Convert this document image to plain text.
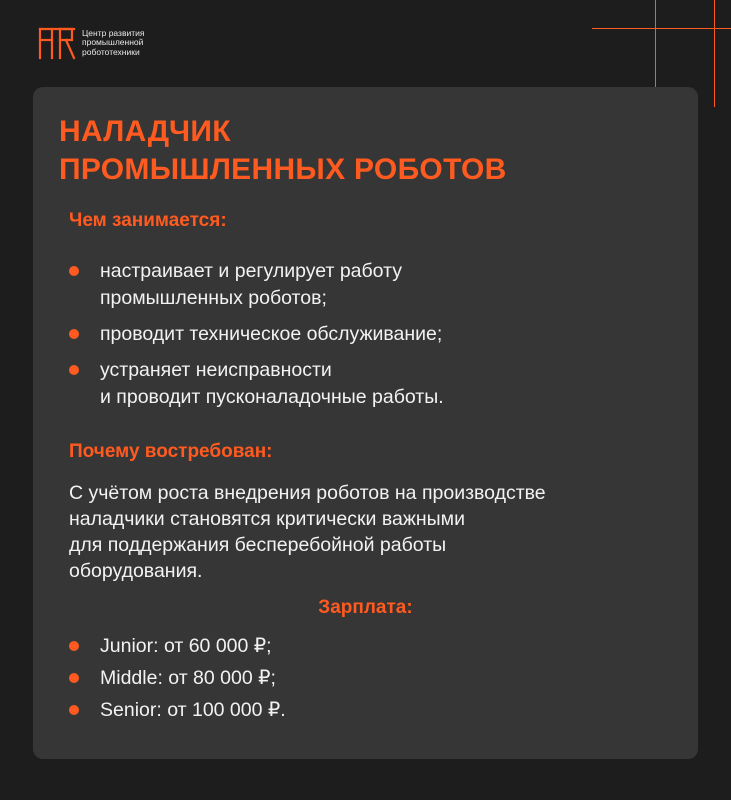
Центр развития
промышленной
робототехники
НАЛАДЧИК
ПРОМЫШЛЕННЫХ РОБОТОВ
Чем занимается:
настраивает и регулирует работу
промышленных роботов;
проводит техническое обслуживание;
устраняет неисправности
и проводит пусконаладочные работы.
Почему востребован:

С учётом роста внедрения роботов на производстве
наладчики становятся критически важными
для поддержания бесперебойной работы
оборудования.

Зарплата:
Junior: от 60 000 ₽;
Middle: от 80 000 ₽;
Senior: от 100 000 ₽.
